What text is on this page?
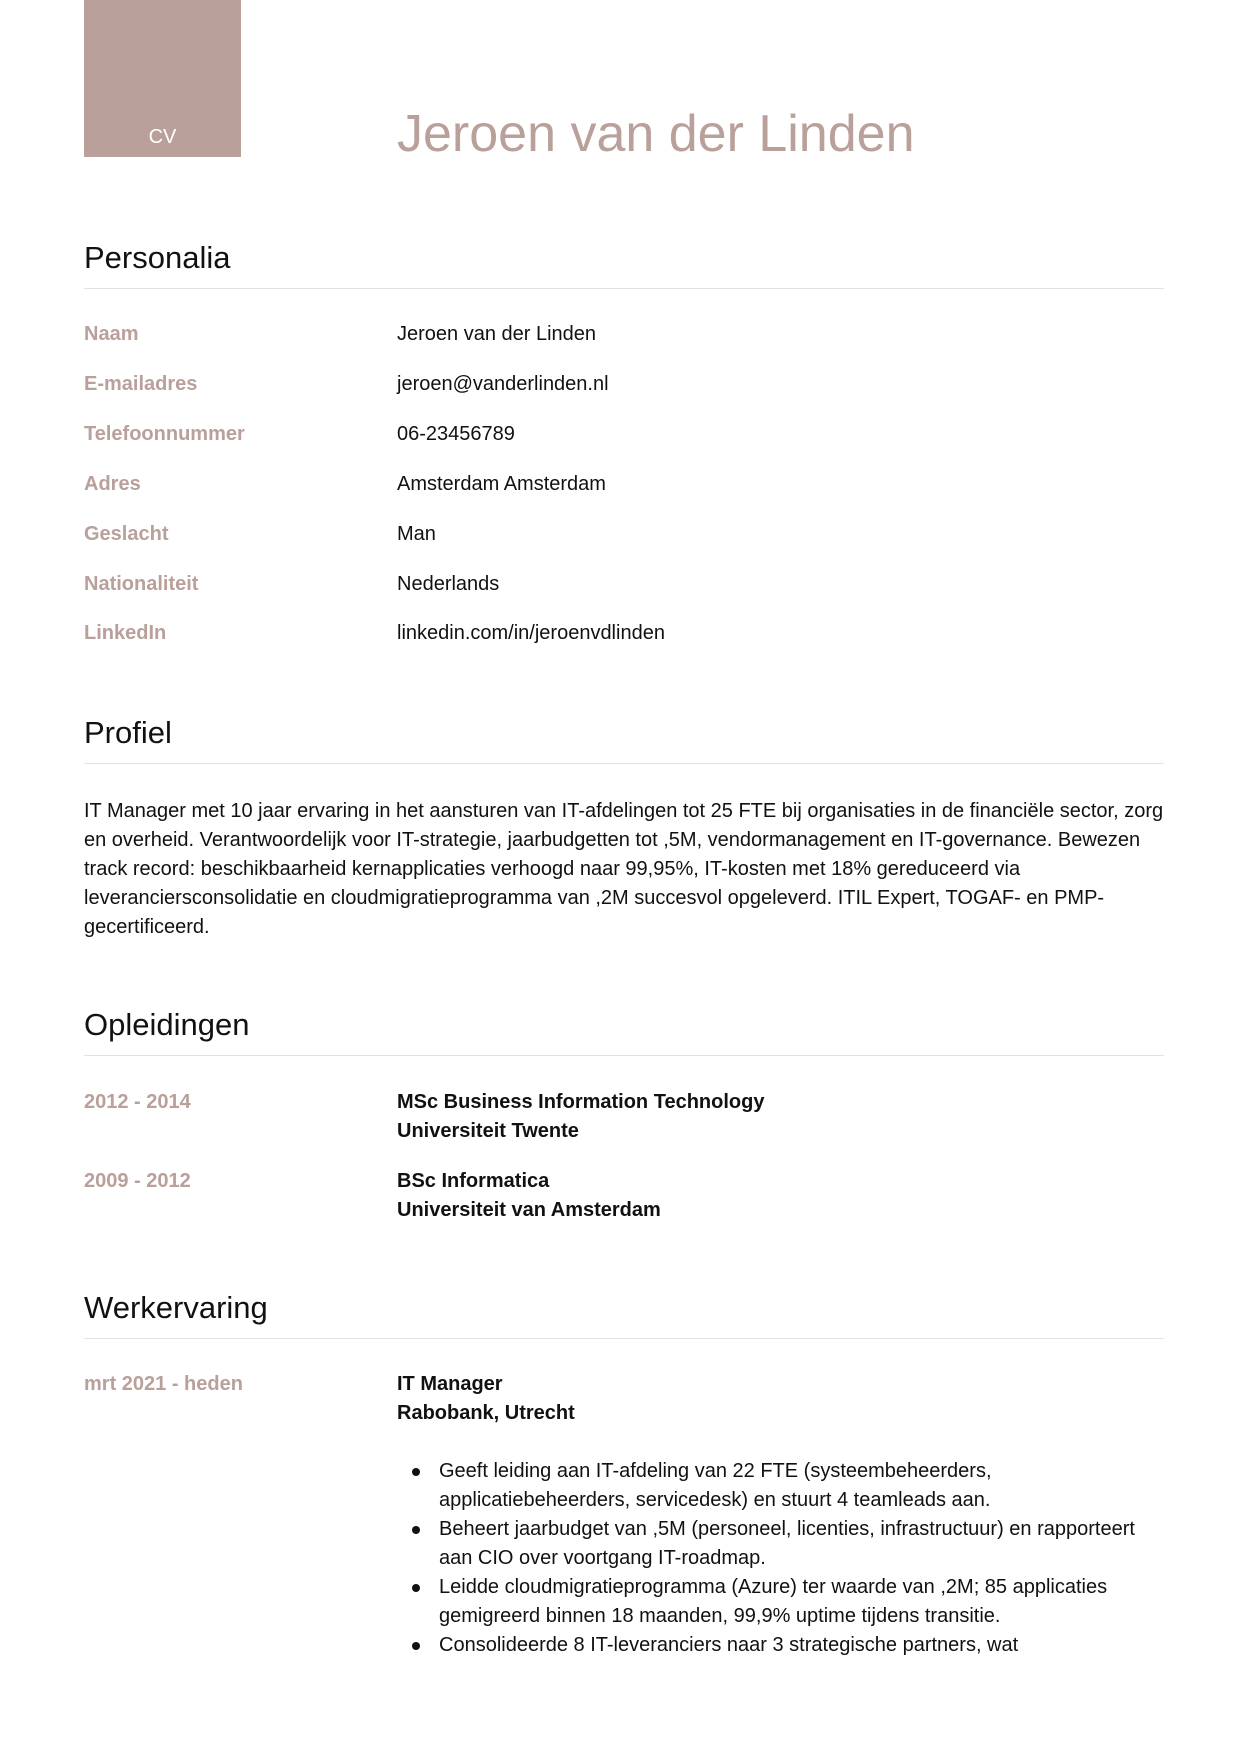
CV	Jeroen van der Linden
Personalia
Naam	Jeroen van der Linden
E-mailadres	jeroen@vanderlinden.nl
Telefoonnummer	06-23456789
Adres	Amsterdam Amsterdam
Geslacht	Man
Nationaliteit	Nederlands
LinkedIn	linkedin.com/in/jeroenvdlinden
Profiel

IT Manager met 10 jaar ervaring in het aansturen van IT-afdelingen tot 25 FTE bij organisaties in de financiële sector, zorg en overheid. Verantwoordelijk voor IT-strategie, jaarbudgetten tot ,5M, vendormanagement en IT-governance. Bewezen track record: beschikbaarheid kernapplicaties verhoogd naar 99,95%, IT-kosten met 18% gereduceerd via leveranciersconsolidatie en cloudmigratieprogramma van ,2M succesvol opgeleverd. ITIL Expert, TOGAF- en PMP-gecertificeerd.

Opleidingen
2012 - 2014	MSc Business Information Technology
Universiteit Twente
2009 - 2012	BSc Informatica
Universiteit van Amsterdam
Werkervaring
mrt 2021 - heden	IT Manager
Rabobank, Utrecht
Geeft leiding aan IT-afdeling van 22 FTE (systeembeheerders, applicatiebeheerders, servicedesk) en stuurt 4 teamleads aan.
Beheert jaarbudget van ,5M (personeel, licenties, infrastructuur) en rapporteert aan CIO over voortgang IT-roadmap.
Leidde cloudmigratieprogramma (Azure) ter waarde van ,2M; 85 applicaties gemigreerd binnen 18 maanden, 99,9% uptime tijdens transitie.
Consolideerde 8 IT-leveranciers naar 3 strategische partners, wat
